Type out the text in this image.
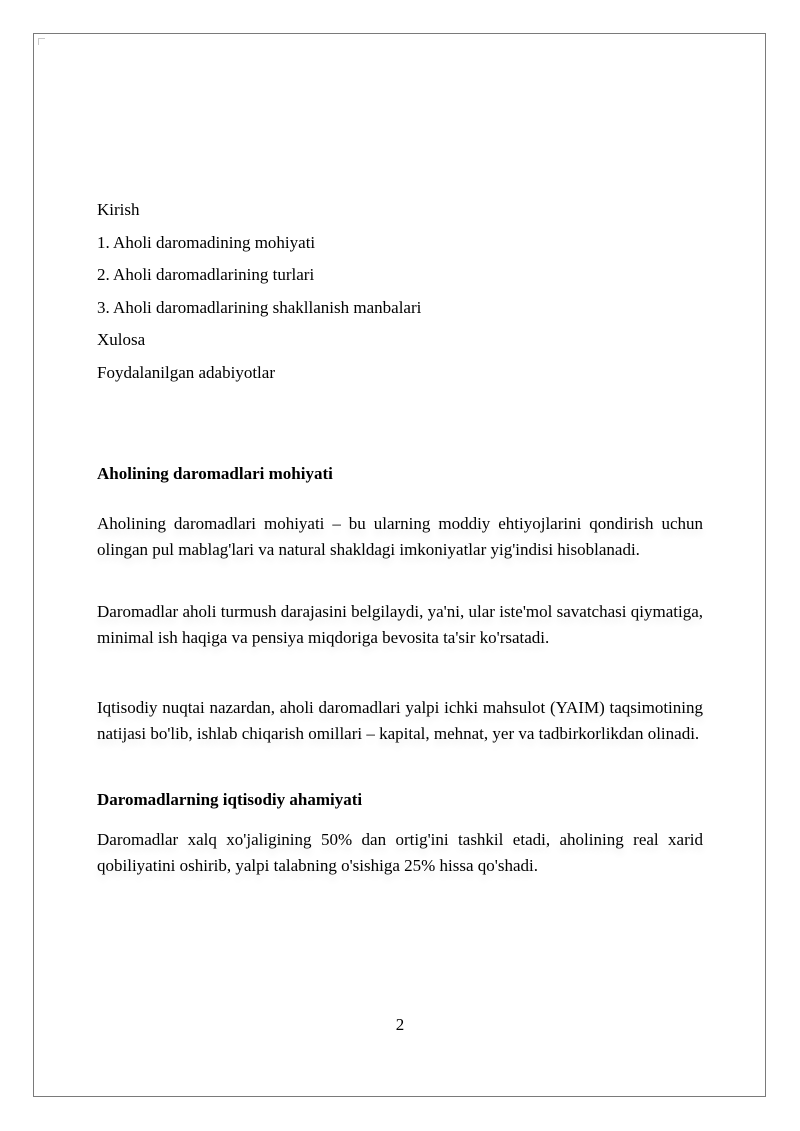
Kirish
1. Aholi daromadining mohiyati
2. Aholi daromadlarining turlari
3. Aholi daromadlarining shakllanish manbalari
Xulosa
Foydalanilgan adabiyotlar
Aholining daromadlari mohiyati

Aholining daromadlari mohiyati – bu ularning moddiy ehtiyojlarini qondirish uchun olingan pul mablag'lari va natural shakldagi imkoniyatlar yig'indisi hisoblanadi.

Daromadlar aholi turmush darajasini belgilaydi, ya'ni, ular iste'mol savatchasi qiymatiga, minimal ish haqiga va pensiya miqdoriga bevosita ta'sir ko'rsatadi.

Iqtisodiy nuqtai nazardan, aholi daromadlari yalpi ichki mahsulot (YAIM) taqsimotining natijasi bo'lib, ishlab chiqarish omillari – kapital, mehnat, yer va tadbirkorlikdan olinadi.

Daromadlarning iqtisodiy ahamiyati

Daromadlar xalq xo'jaligining 50% dan ortig'ini tashkil etadi, aholining real xarid qobiliyatini oshirib, yalpi talabning o'sishiga 25% hissa qo'shadi.

2
